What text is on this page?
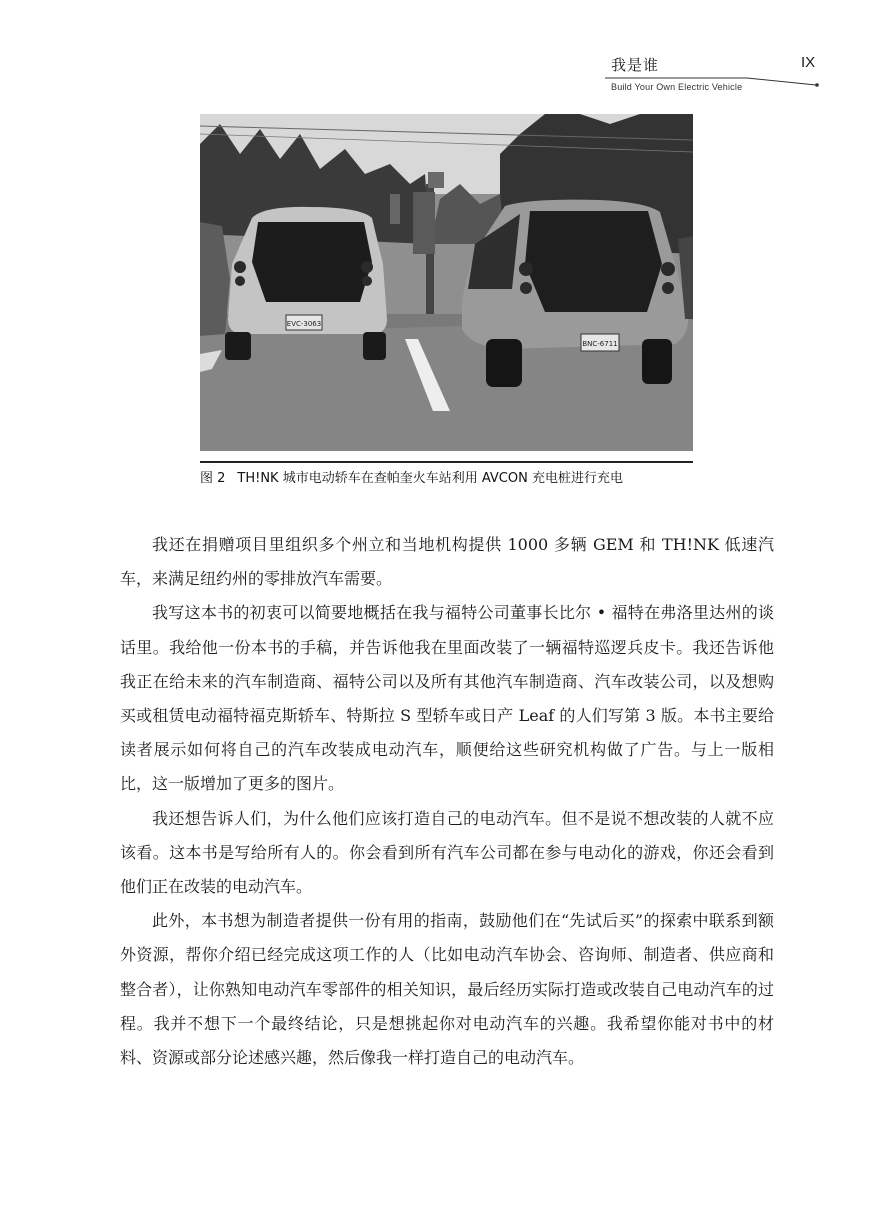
我是谁	IX
Build Your Own Electric Vehicle
EVC-3063
BNC-6711
图 2 TH!NK 城市电动轿车在查帕奎火车站利用 AVCON 充电桩进行充电

我还在捐赠项目里组织多个州立和当地机构提供 1000 多辆 GEM 和 TH!NK 低速汽车，来满足纽约州的零排放汽车需要。

我写这本书的初衷可以简要地概括在我与福特公司董事长比尔 • 福特在弗洛里达州的谈话里。我给他一份本书的手稿，并告诉他我在里面改装了一辆福特巡逻兵皮卡。我还告诉他我正在给未来的汽车制造商、福特公司以及所有其他汽车制造商、汽车改装公司，以及想购买或租赁电动福特福克斯轿车、特斯拉 S 型轿车或日产 Leaf 的人们写第 3 版。本书主要给读者展示如何将自己的汽车改装成电动汽车，顺便给这些研究机构做了广告。与上一版相比，这一版增加了更多的图片。

我还想告诉人们，为什么他们应该打造自己的电动汽车。但不是说不想改装的人就不应该看。这本书是写给所有人的。你会看到所有汽车公司都在参与电动化的游戏，你还会看到他们正在改装的电动汽车。

此外，本书想为制造者提供一份有用的指南，鼓励他们在“先试后买”的探索中联系到额外资源，帮你介绍已经完成这项工作的人（比如电动汽车协会、咨询师、制造者、供应商和整合者），让你熟知电动汽车零部件的相关知识，最后经历实际打造或改装自己电动汽车的过程。我并不想下一个最终结论，只是想挑起你对电动汽车的兴趣。我希望你能对书中的材料、资源或部分论述感兴趣，然后像我一样打造自己的电动汽车。
